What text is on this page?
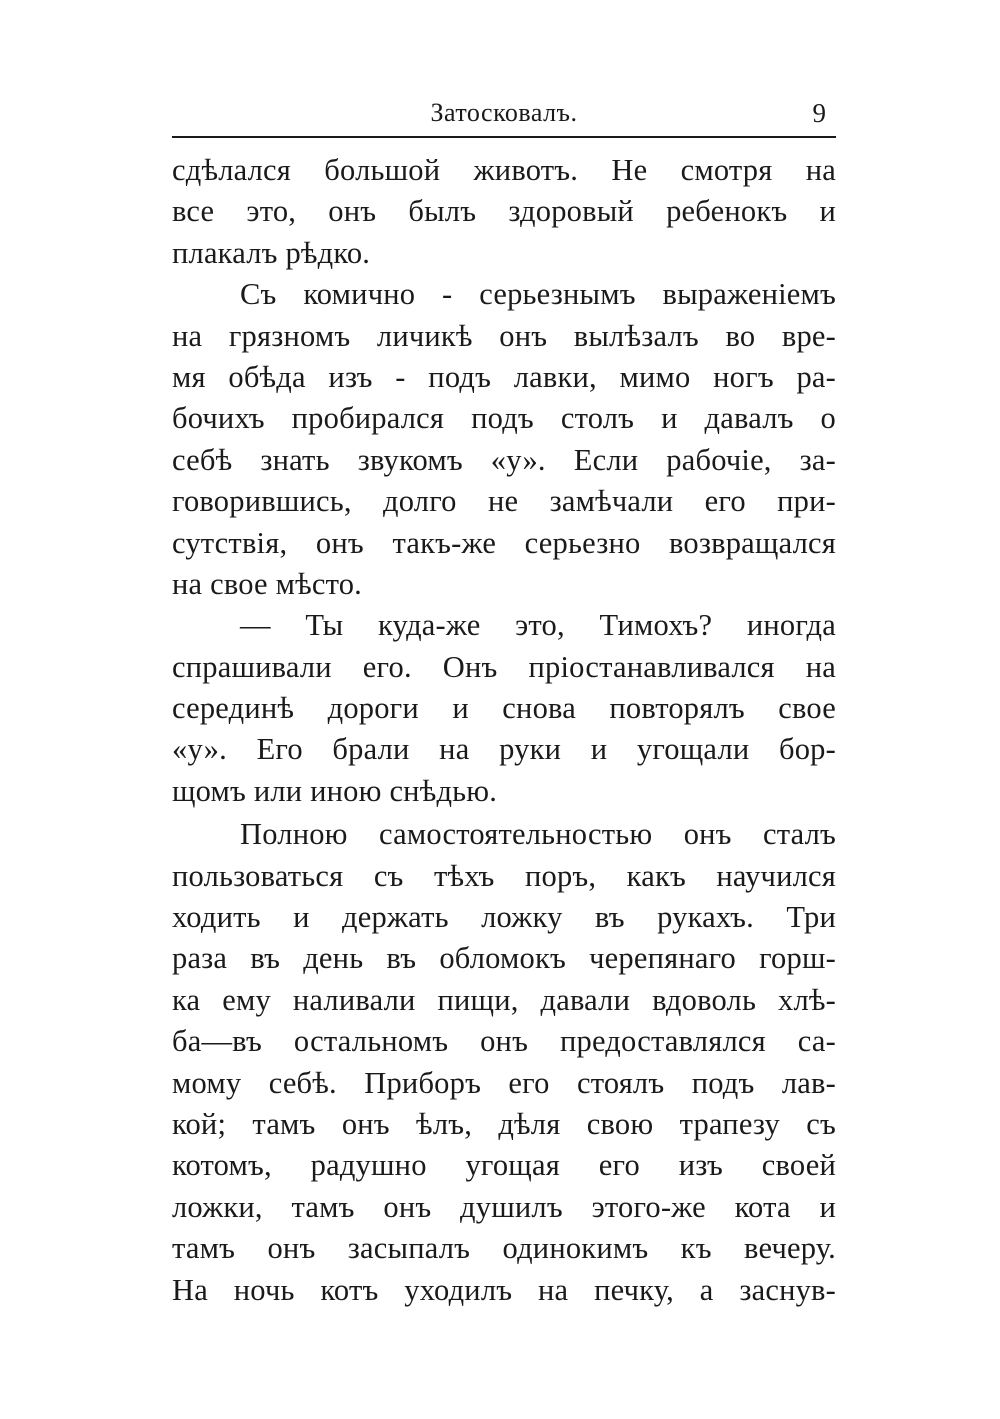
Затосковалъ.	9
сдѣлался большой животъ. Не смотря на
все это, онъ былъ здоровый ребенокъ и
плакалъ рѣдко.
Съ комично - серьезнымъ выраженіемъ
на грязномъ личикѣ онъ вылѣзалъ во вре-
мя обѣда изъ - подъ лавки, мимо ногъ ра-
бочихъ пробирался подъ столъ и давалъ о
себѣ знать звукомъ «у». Если рабочіе, за-
говорившись, долго не замѣчали его при-
сутствія, онъ такъ-же серьезно возвращался
на свое мѣсто.
— Ты куда-же это, Тимохъ? иногда
спрашивали его. Онъ пріостанавливался на
серединѣ дороги и снова повторялъ свое
«у». Его брали на руки и угощали бор-
щомъ или иною снѣдью.
Полною самостоятельностью онъ сталъ
пользоваться съ тѣхъ поръ, какъ научился
ходить и держать ложку въ рукахъ. Три
раза въ день въ обломокъ черепянаго горш-
ка ему наливали пищи, давали вдоволь хлѣ-
ба—въ остальномъ онъ предоставлялся са-
мому себѣ. Приборъ его стоялъ подъ лав-
кой; тамъ онъ ѣлъ, дѣля свою трапезу съ
котомъ, радушно угощая его изъ своей
ложки, тамъ онъ душилъ этого-же кота и
тамъ онъ засыпалъ одинокимъ къ вечеру.
На ночь котъ уходилъ на печку, а заснув-
